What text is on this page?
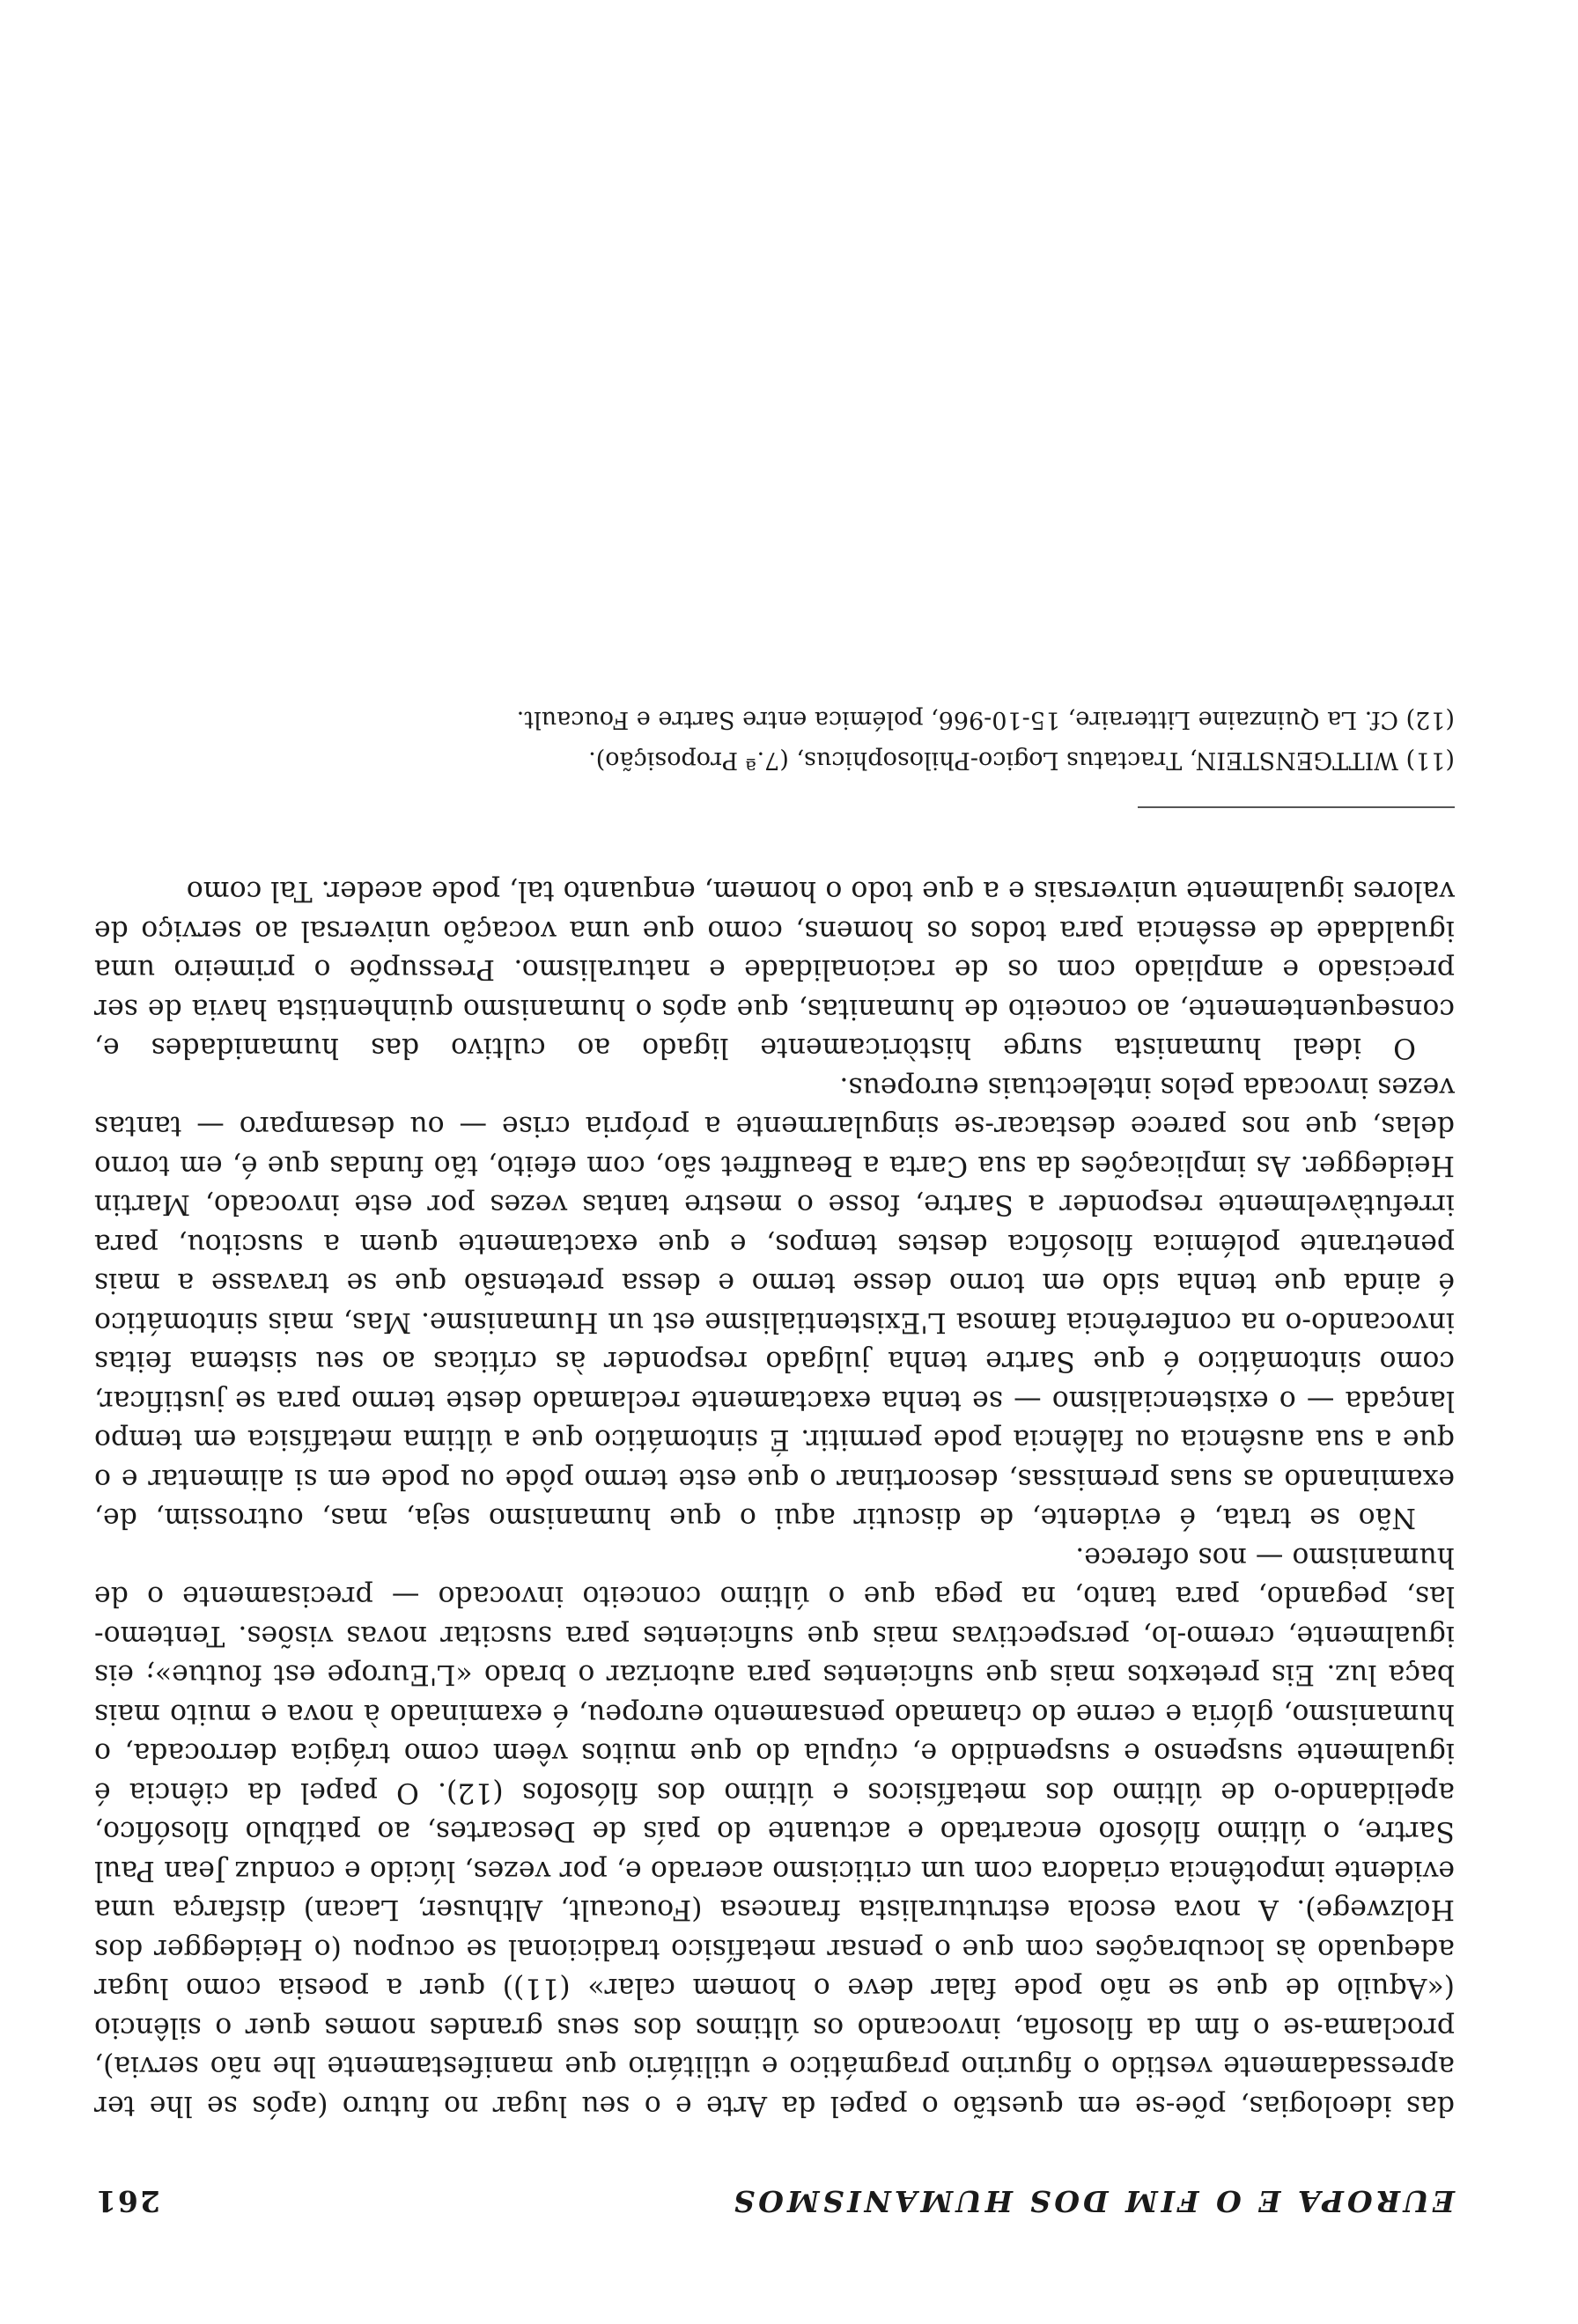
EUROPA E O FIM DOS HUMANISMOS
261

das ideologias, põe-se em questão o papel da Arte e o seu lugar no futuro (após se lhe ter apressadamente vestido o figurino pragmático e utilitário que manifestamente lhe não servia), proclama-se o fim da filosofia, invocando os últimos dos seus grandes nomes quer o silêncio («Aquilo de que se não pode falar deve o homem calar» (11)) quer a poesia como lugar adequado às locubrações com que o pensar metafísico tradicional se ocupou (o Heidegger dos Holzwege). A nova escola estruturalista francesa (Foucault, Althuser, Lacan) disfarça uma evidente impotência criadora com um criticismo acerado e, por vezes, lúcido e conduz Jean Paul Sartre, o último filósofo encartado e actuante do país de Descartes, ao patíbulo filosófico, apelidando-o de último dos metafísicos e último dos filósofos (12). O papel da ciência é igualmente suspenso e suspendido e, cúpula do que muitos vêem como trágica derrocada, o humanismo, glória e cerne do chamado pensamento europeu, é examinado à nova e muito mais baça luz. Eis pretextos mais que suficientes para autorizar o brado «L'Europe est foutue»; eis igualmente, cremo-lo, perspectivas mais que suficientes para suscitar novas visões. Tentemo-las, pegando, para tanto, na pega que o último conceito invocado — precisamente o de humanismo — nos oferece.

Não se trata, é evidente, de discutir aqui o que humanismo seja, mas, outrossim, de, examinando as suas premissas, descortinar o que este termo pôde ou pode em si alimentar e o que a sua ausência ou falência pode permitir. É sintomático que a última metafísica em tempo lançada — o existencialismo — se tenha exactamente reclamado deste termo para se justificar, como sintomático é que Sartre tenha julgado responder às críticas ao seu sistema feitas invocando-o na conferência famosa L'Existentialisme est un Humanisme. Mas, mais sintomático é ainda que tenha sido em torno desse termo e dessa pretensão que se travasse a mais penetrante polémica filosófica destes tempos, e que exactamente quem a suscitou, para irrefutàvelmente responder a Sartre, fosse o mestre tantas vezes por este invocado, Martin Heidegger. As implicações da sua Carta a Beauffret são, com efeito, tão fundas que é, em torno delas, que nos parece destacar-se singularmente a própria crise — ou desamparo — tantas vezes invocada pelos intelectuais europeus.

O ideal humanista surge històricamente ligado ao cultivo das humanidades e, consequentemente, ao conceito de humanitas, que após o humanismo quinhentista havia de ser precisado e ampliado com os de racionalidade e naturalismo. Pressupõe o primeiro uma igualdade de essência para todos os homens, como que uma vocação universal ao serviço de valores igualmente universais e a que todo o homem, enquanto tal, pode aceder. Tal como

(11)WITTGENSTEIN, Tractatus Logico-Philosophicus, (7.ª Proposição).

(12)Cf. La Quinzaine Litteraire, 15-10-966, polémica entre Sartre e Foucault.
